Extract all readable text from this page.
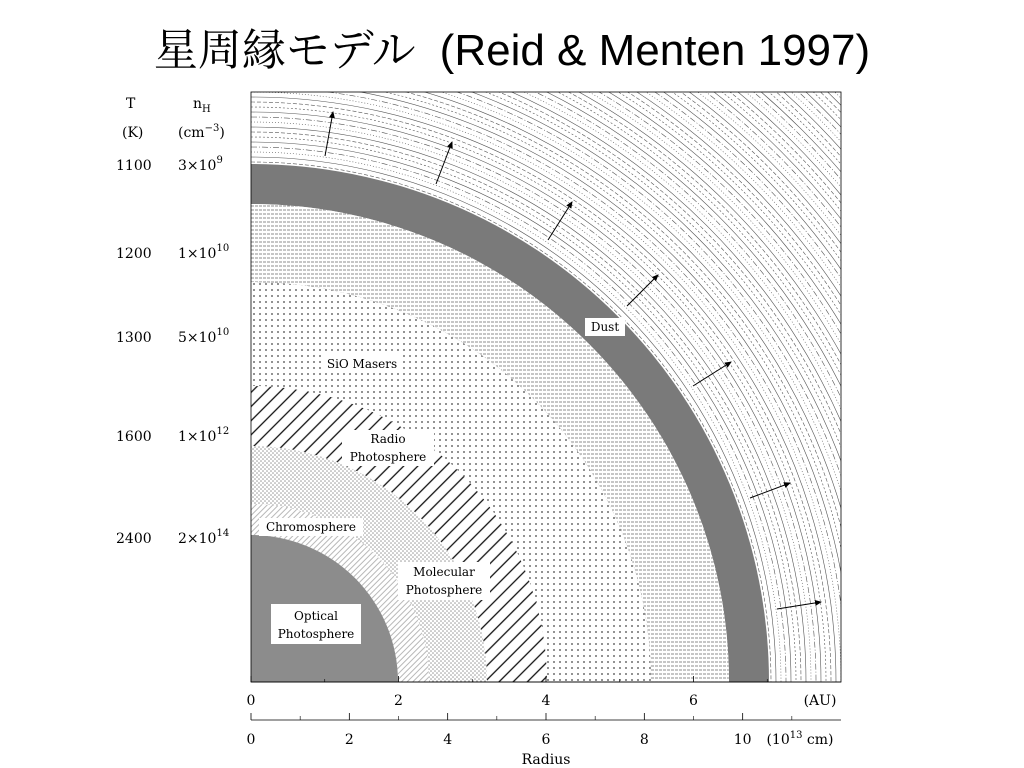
星周縁モデル (Reid & Menten 1997)
T
(K)
$n_H$
$(cm^{-3})$
1100 $3\times 10^9$
1200 $1\times 10^{10}$
1300 $5\times 10^{10}$
1600 $1\times 10^{12}$
2400 $2\times 10^{14}$
Optical
Photosphere
Chromosphere
Molecular
Photosphere
Radio
Photosphere
SiO Masers
Dust
0	2	4	6	(AU)
0	2	4	6	8	10 ($10^{13}$ cm)
Radius
